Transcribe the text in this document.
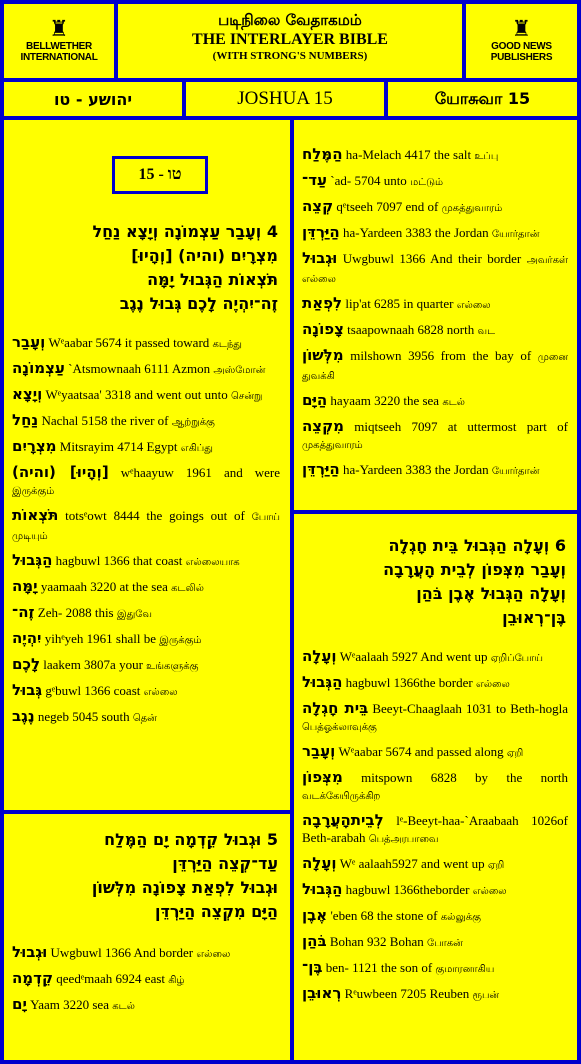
♜
BELLWETHER INTERNATIONAL
படிநிலை வேதாகமம்
THE INTERLAYER BIBLE
(WITH STRONG'S NUMBERS)
♜
GOOD NEWS PUBLISHERS
יהושע - טו	JOSHUA 15	யோசுவா 15
טו - 15
4 וְעָבַר עַצְמוֹנָה וְיָצָא נַחַל
מִצְרָיִם (והיה) [וְהָיוּ]
תֹּצְאוֹת הַגְּבוּל יָמָּה
זֶה־יִהְיֶה לָכֶם גְּבוּל נֶגֶב
וְעָבַר Wᵉaabar 5674 it passed toward கடந்து
עַצְמוֹנָה `Atsmownaah 6111 Azmon அஸ்மோன்
וְיָצָא Wᵉyaatsaa' 3318 and went out unto சென்று
נַחַל Nachal 5158 the river of ஆற்றுக்கு
מִצְרָיִם Mitsrayim 4714 Egypt எகிப்து
(והיה) [וְהָיוּ] wᵉhaayuw 1961 and were இருக்கும்
תֹּצְאוֹת totsᵉowt 8444 the goings out of போய் முடியும்
הַגְּבוּל hagbuwl 1366 that coast எல்லையாக
יָמָּה yaamaah 3220 at the sea கடலில்
זֶה־ Zeh- 2088 this இதுவே
יִהְיֶה yihᵉyeh 1961 shall be இருக்கும்
לָכֶם laakem 3807a your உங்களுக்கு
גְּבוּל gᵉbuwl 1366 coast எல்லை
נֶגֶב negeb 5045 south தென்
5 וּגְבוּל קֵדְמָה יָם הַמֶּלַח
עַד־קְצֵה הַיַּרְדֵּן
וּגְבוּל לִפְאַת צָפוֹנָה מִלְּשׁוֹן
הַיָּם מִקְצֵה הַיַּרְדֵּן
וּגְבוּל Uwgbuwl 1366 And border எல்லை
קֵדְמָה qeedᵉmaah 6924 east கிழ்
יָם Yaam 3220 sea கடல்
הַמֶּלַח ha-Melach 4417 the salt உப்பு
עַד־ `ad- 5704 unto மட்டும்
קְצֵה qᵉtseeh 7097 end of முகத்துவாரம்
הַיַּרְדֵּן ha-Yardeen 3383 the Jordan யோர்தான்
וּגְבוּל Uwgbuwl 1366 And their border அவர்கள் எல்லை
לִפְאַת lip'at 6285 in quarter எல்லை
צָפוֹנָה tsaapownaah 6828 north வட
מִלְּשׁוֹן milshown 3956 from the bay of முனை துவக்கி
הַיָּם hayaam 3220 the sea கடல்
מִקְצֵה miqtseeh 7097 at uttermost part of முகத்துவாரம்
הַיַּרְדֵּן ha-Yardeen 3383 the Jordan யோர்தான்
6 וְעָלָה הַגְּבוּל בֵּית חָגְלָה
וְעָבַר מִצְּפוֹן לְבֵית הָעֲרָבָה
וְעָלָה הַגְּבוּל אֶבֶן בֹּהַן
בֶּן־רְאוּבֵן
וְעָלָה Wᵉaalaah 5927 And went up ஏறிப்போய்
הַגְּבוּל hagbuwl 1366the border எல்லை
בֵּית חָגְלָה Beeyt-Chaaglaah 1031 to Beth-hogla பெத்ஓக்லாவுக்கு
וְעָבַר Wᵉaabar 5674 and passed along ஏறி
מִצְּפוֹן mitspown 6828 by the north வடக்கேயிருக்கிற
לְבֵיתהָעֲרָבָה lᵉ-Beeyt-haa-`Araabaah 1026of Beth-arabah பெத்அரபாவை
וְעָלָה Wᵉ aalaah5927 and went up ஏறி
הַגְּבוּל hagbuwl 1366theborder எல்லை
אֶבֶן 'eben 68 the stone of கல்லுக்கு
בֹּהַן Bohan 932 Bohan போகன்
בֶּן־ ben- 1121 the son of குமாரனாகிய
רְאוּבֵן Rᵉuwbeen 7205 Reuben ரூபன்
